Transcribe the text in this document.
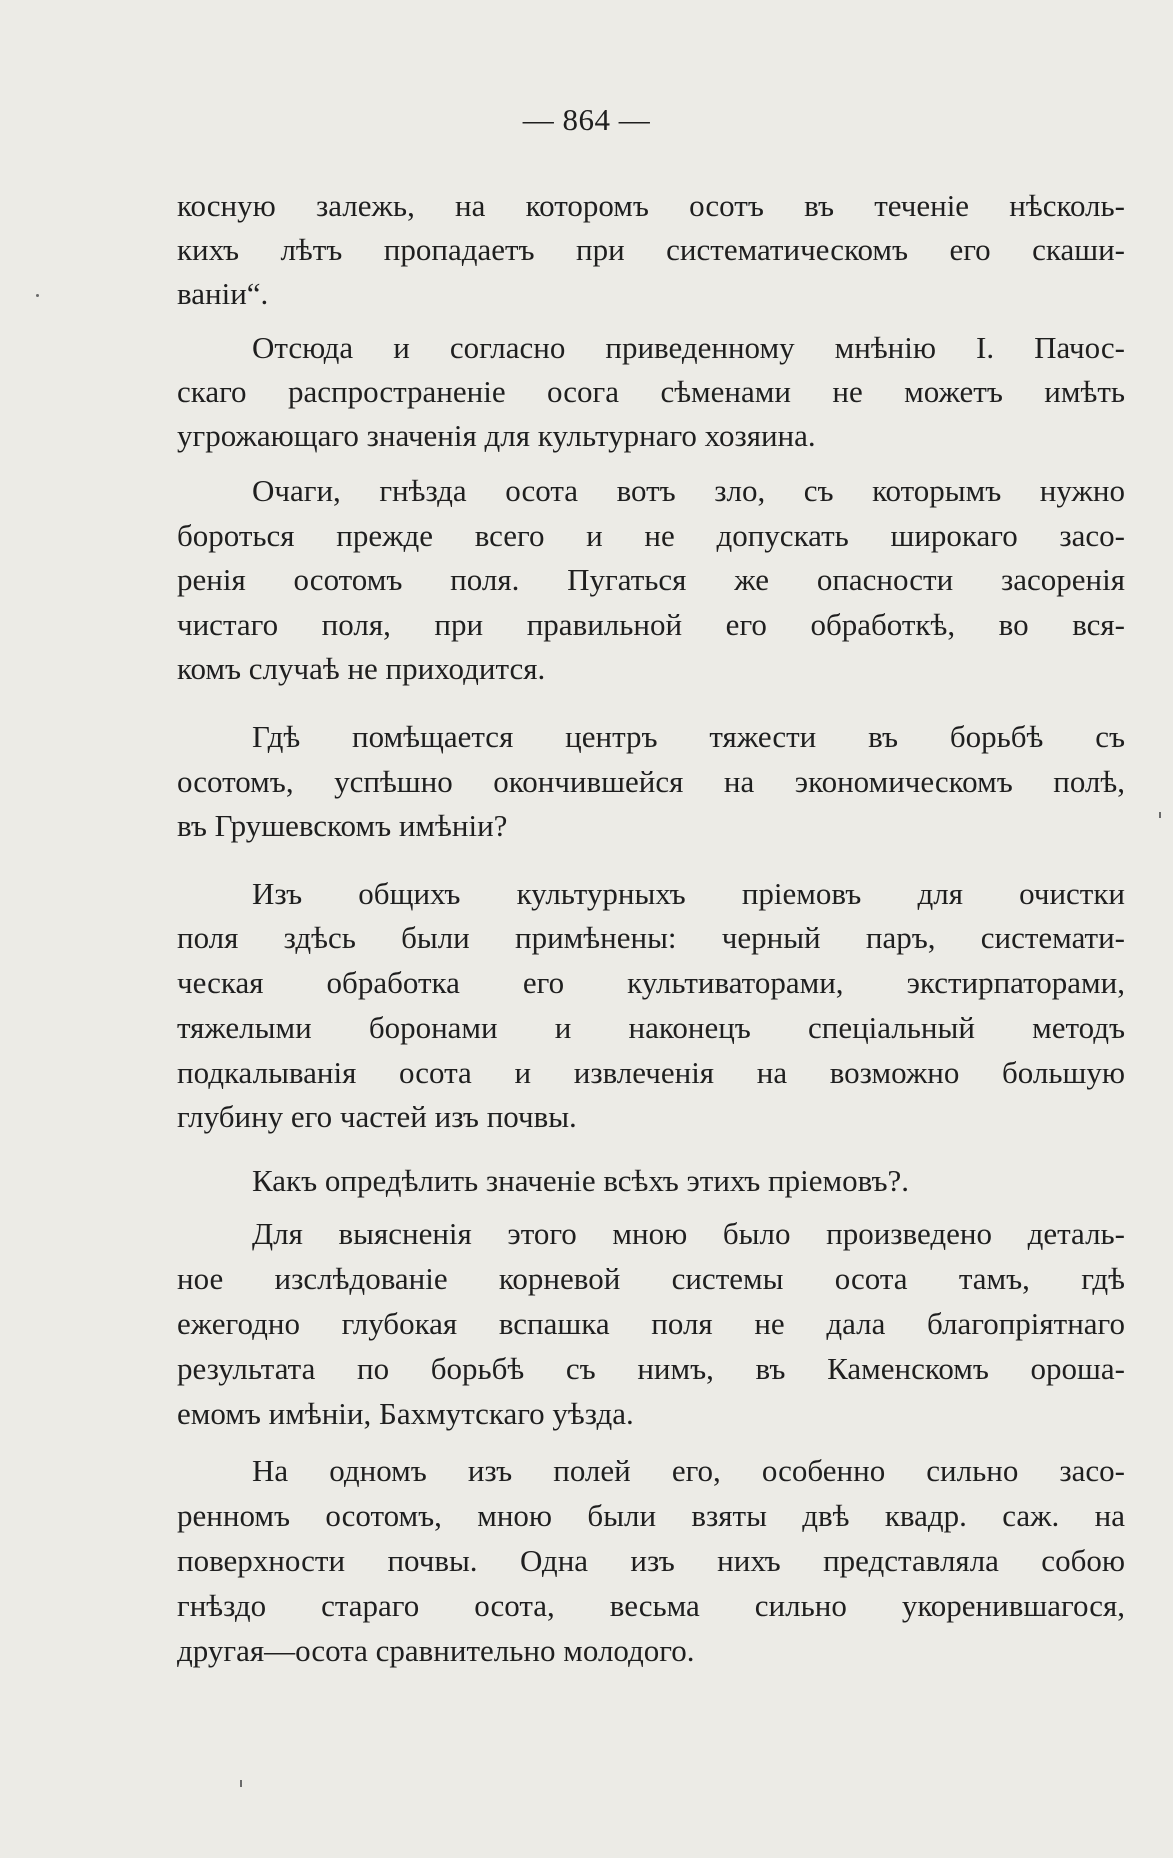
— 864 —
косную залежь, на которомъ осотъ въ теченіе нѣсколь-
кихъ лѣтъ пропадаетъ при систематическомъ его скаши-
ваніи“.
Отсюда и согласно приведенному мнѣнію I. Пачос-
скаго распространеніе осога сѣменами не можетъ имѣть
угрожающаго значенія для культурнаго хозяина.
Очаги, гнѣзда осота вотъ зло, съ которымъ нужно
бороться прежде всего и не допускать широкаго засо-
ренія осотомъ поля. Пугаться же опасности засоренія
чистаго поля, при правильной его обработкѣ, во вся-
комъ случаѣ не приходится.
Гдѣ помѣщается центръ тяжести въ борьбѣ съ
осотомъ, успѣшно окончившейся на экономическомъ полѣ,
въ Грушевскомъ имѣніи?
Изъ общихъ культурныхъ пріемовъ для очистки
поля здѣсь были примѣнены: черный паръ, системати-
ческая обработка его культиваторами, экстирпаторами,
тяжелыми боронами и наконецъ спеціальный методъ
подкалыванія осота и извлеченія на возможно большую
глубину его частей изъ почвы.
Какъ опредѣлить значеніе всѣхъ этихъ пріемовъ?.
Для выясненія этого мною было произведено деталь-
ное изслѣдованіе корневой системы осота тамъ, гдѣ
ежегодно глубокая вспашка поля не дала благопріятнаго
результата по борьбѣ съ нимъ, въ Каменскомъ ороша-
емомъ имѣніи, Бахмутскаго уѣзда.
На одномъ изъ полей его, особенно сильно засо-
ренномъ осотомъ, мною были взяты двѣ квадр. саж. на
поверхности почвы. Одна изъ нихъ представляла собою
гнѣздо стараго осота, весьма сильно укоренившагося,
другая—осота сравнительно молодого.
